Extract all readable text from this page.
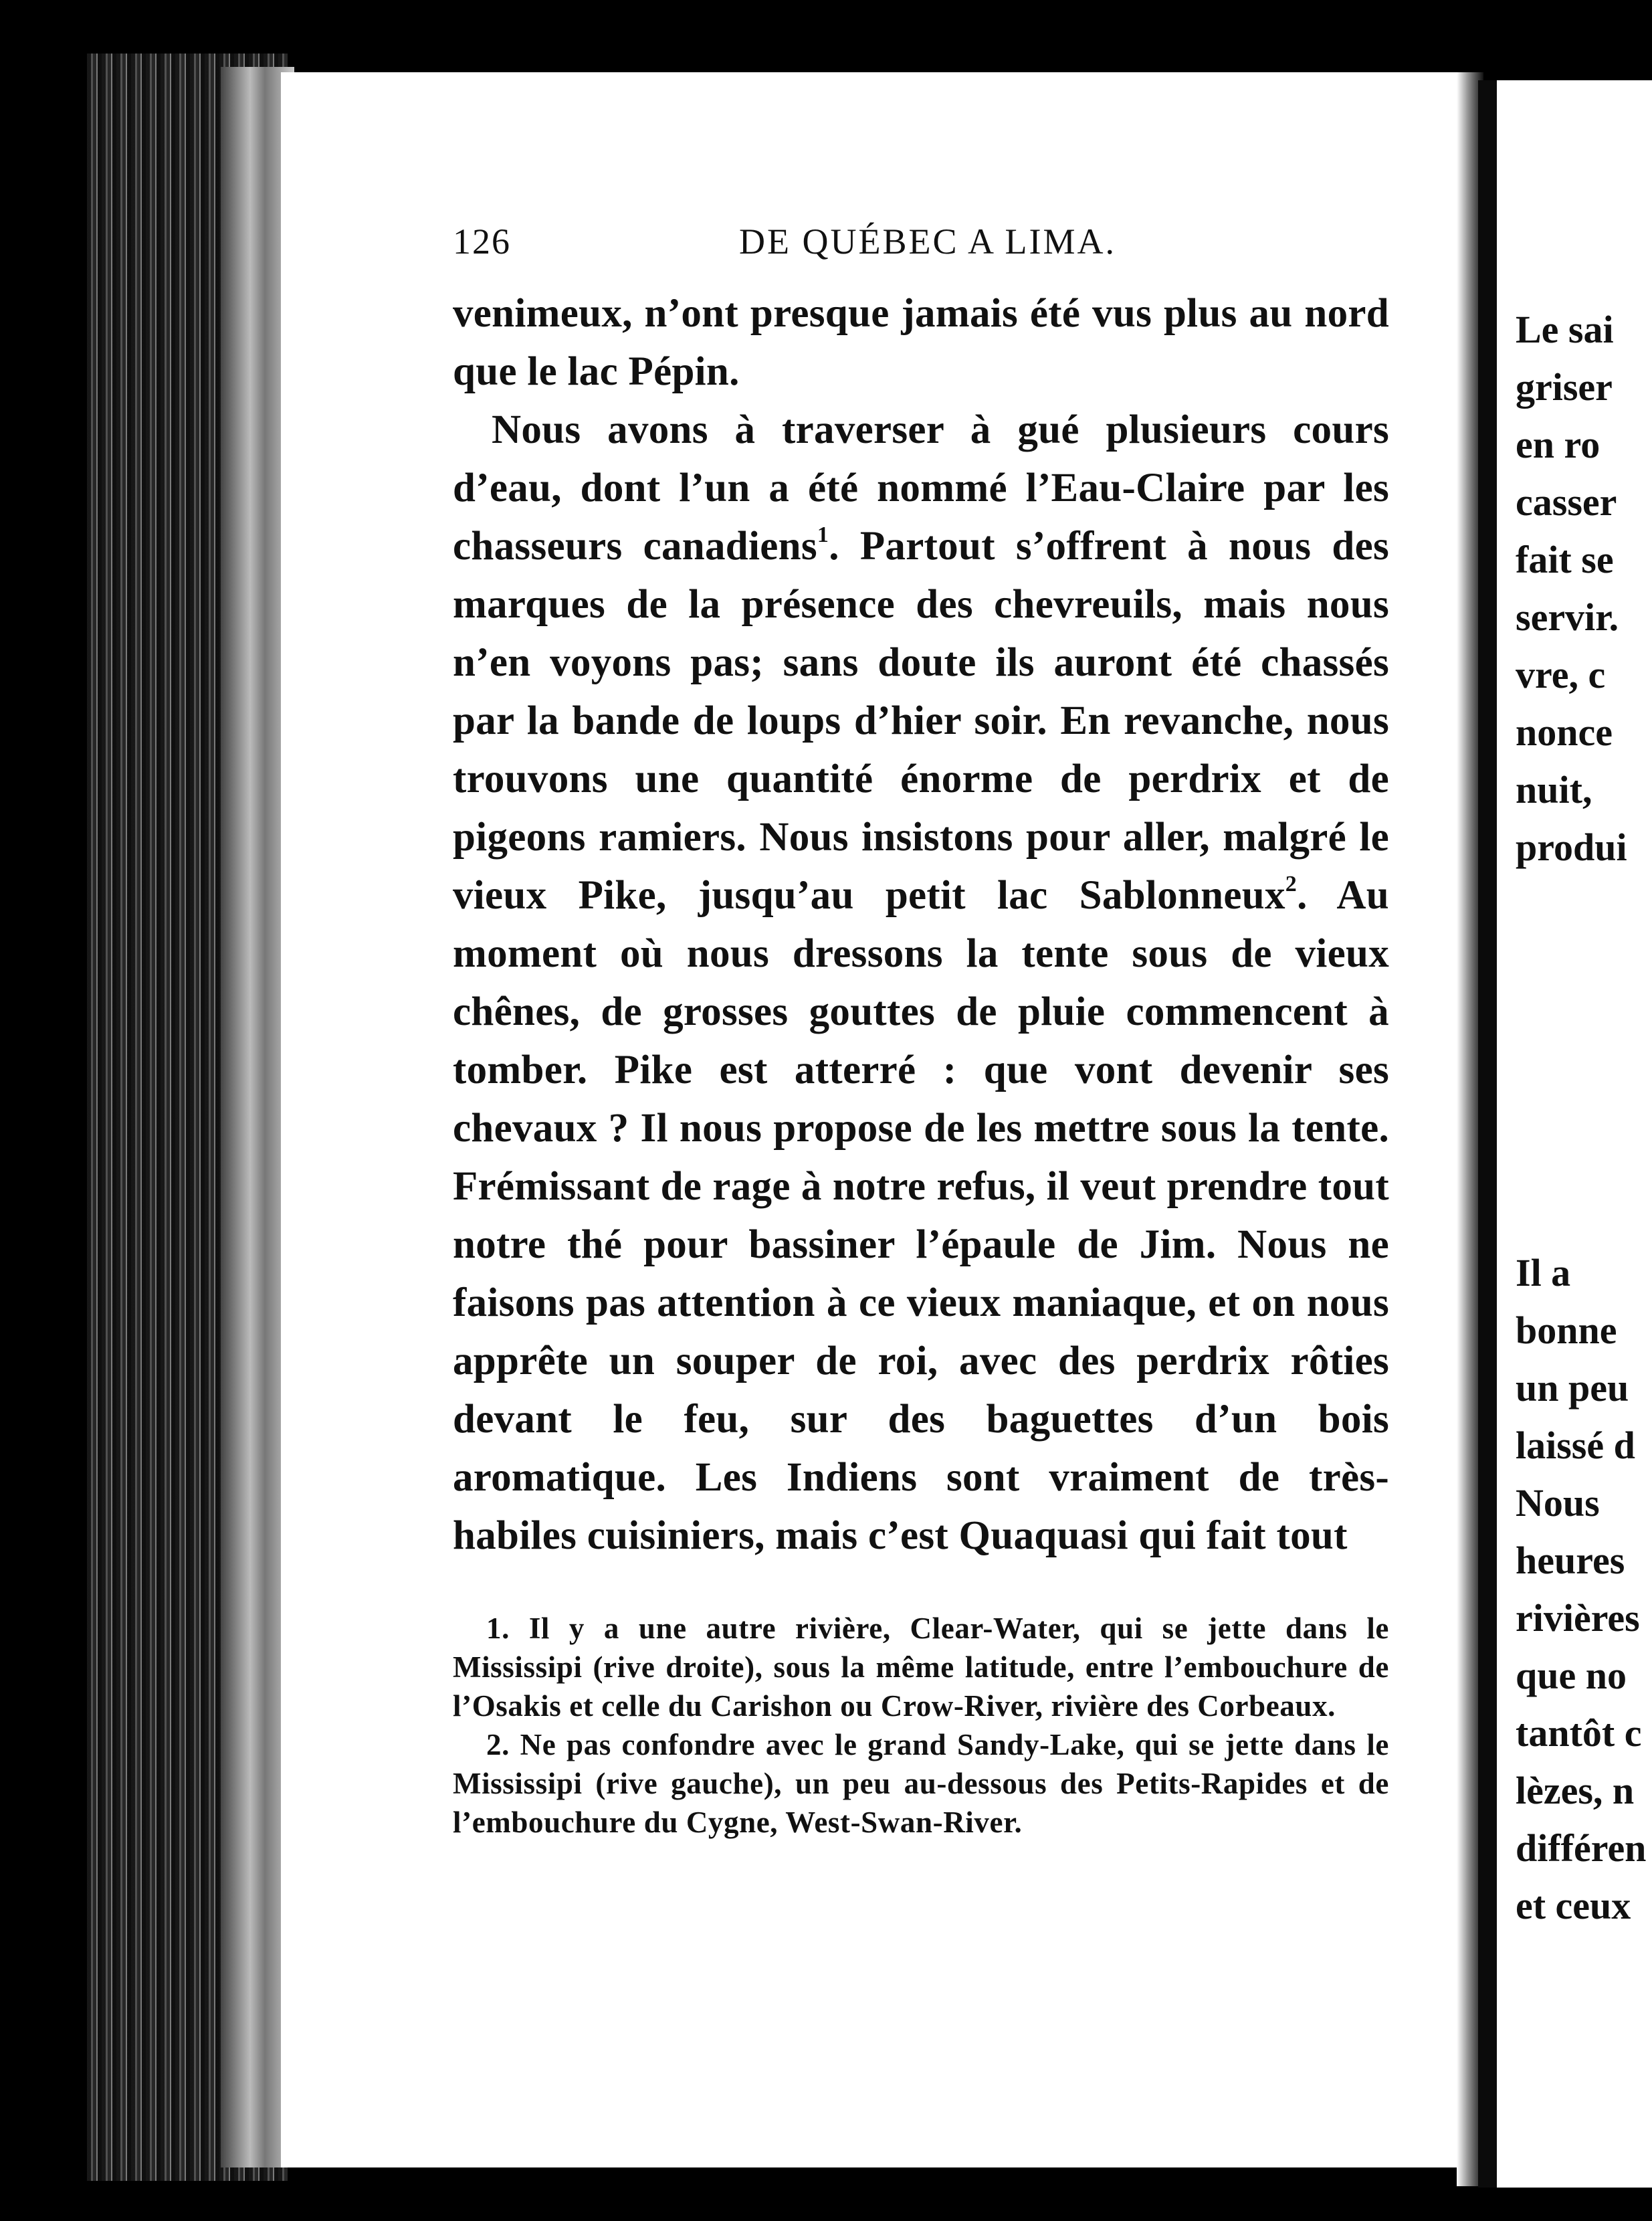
Le sai
griser
en ro
casser
fait se
servir.
vre, c
nonce
nuit,
produi
Il a
bonne
un peu
laissé d
Nous
heures
rivières
que no
tantôt c
lèzes, n
différen
et ceux
126	DE QUÉBEC A LIMA.

venimeux, n’ont presque jamais été vus plus au nord que le lac Pépin.

Nous avons à traverser à gué plusieurs cours d’eau, dont l’un a été nommé l’Eau-Claire par les chasseurs canadiens$^1$. Partout s’offrent à nous des marques de la présence des chevreuils, mais nous n’en voyons pas; sans doute ils auront été chassés par la bande de loups d’hier soir. En revanche, nous trouvons une quantité énorme de perdrix et de pigeons ramiers. Nous insistons pour aller, malgré le vieux Pike, jusqu’au petit lac Sablonneux$^2$. Au moment où nous dressons la tente sous de vieux chênes, de grosses gouttes de pluie commencent à tomber. Pike est atterré : que vont devenir ses chevaux ? Il nous propose de les mettre sous la tente. Frémissant de rage à notre refus, il veut prendre tout notre thé pour bassiner l’épaule de Jim. Nous ne faisons pas attention à ce vieux maniaque, et on nous apprête un souper de roi, avec des perdrix rôties devant le feu, sur des baguettes d’un bois aromatique. Les Indiens sont vraiment de très-habiles cuisiniers, mais c’est Quaquasi qui fait tout

1. Il y a une autre rivière, Clear-Water, qui se jette dans le Mississipi (rive droite), sous la même latitude, entre l’embouchure de l’Osakis et celle du Carishon ou Crow-River, rivière des Corbeaux.

2. Ne pas confondre avec le grand Sandy-Lake, qui se jette dans le Mississipi (rive gauche), un peu au-dessous des Petits-Rapides et de l’embouchure du Cygne, West-Swan-River.
